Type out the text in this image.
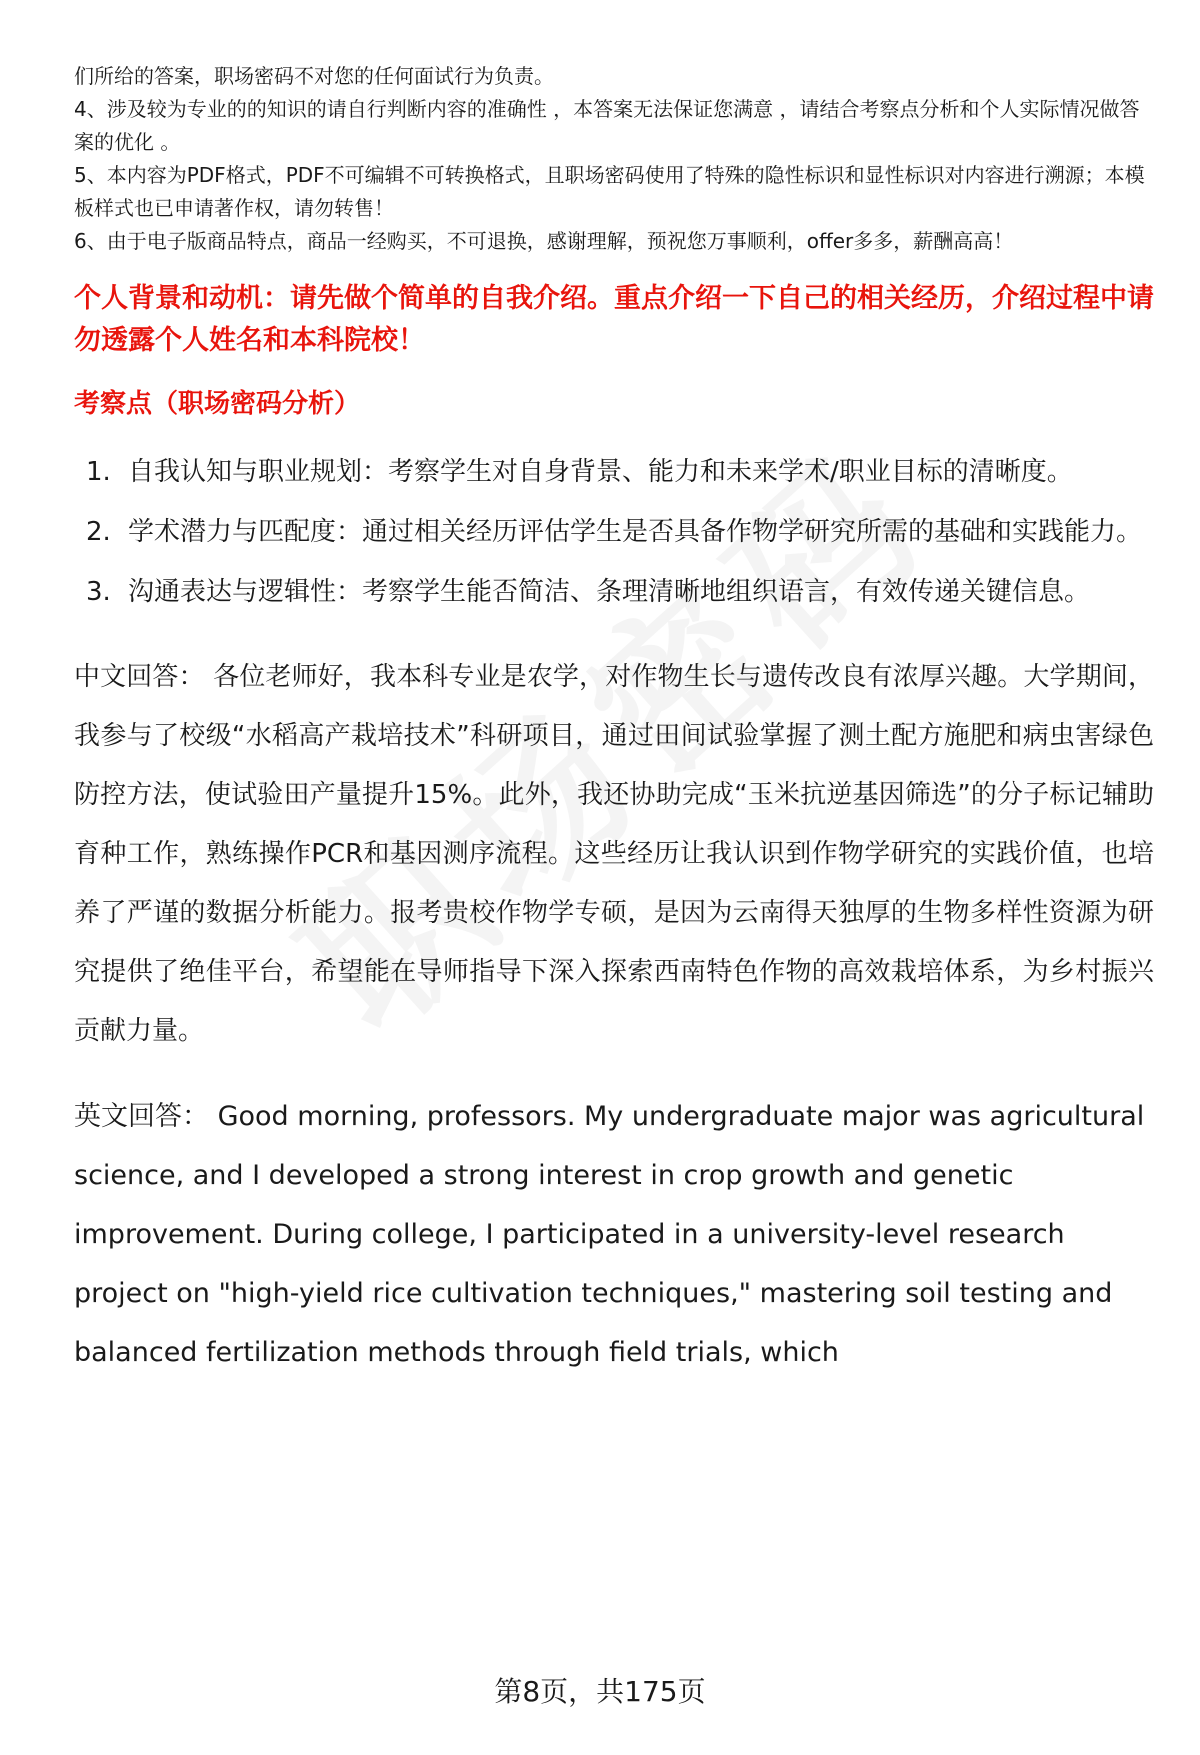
们所给的答案，职场密码不对您的任何面试行为负责。

4、涉及较为专业的的知识的请自行判断内容的准确性 ，本答案无法保证您满意 ，请结合考察点分析和个人实际情况做答案的优化 。

5、本内容为PDF格式，PDF不可编辑不可转换格式，且职场密码使用了特殊的隐性标识和显性标识对内容进行溯源；本模板样式也已申请著作权，请勿转售！

6、由于电子版商品特点，商品一经购买，不可退换，感谢理解，预祝您万事顺利，offer多多，薪酬高高！

个人背景和动机：请先做个简单的自我介绍。重点介绍一下自己的相关经历，介绍过程中请勿透露个人姓名和本科院校！

考察点（职场密码分析）

1. 自我认知与职业规划：考察学生对自身背景、能力和未来学术/职业目标的清晰度。
2. 学术潜力与匹配度：通过相关经历评估学生是否具备作物学研究所需的基础和实践能力。
3. 沟通表达与逻辑性：考察学生能否简洁、条理清晰地组织语言，有效传递关键信息。

中文回答： 各位老师好，我本科专业是农学，对作物生长与遗传改良有浓厚兴趣。大学期间，我参与了校级“水稻高产栽培技术”科研项目，通过田间试验掌握了测土配方施肥和病虫害绿色防控方法，使试验田产量提升15%。此外，我还协助完成“玉米抗逆基因筛选”的分子标记辅助育种工作，熟练操作PCR和基因测序流程。这些经历让我认识到作物学研究的实践价值，也培养了严谨的数据分析能力。报考贵校作物学专硕，是因为云南得天独厚的生物多样性资源为研究提供了绝佳平台，希望能在导师指导下深入探索西南特色作物的高效栽培体系，为乡村振兴贡献力量。

英文回答： Good morning, professors. My undergraduate major was agricultural science, and I developed a strong interest in crop growth and genetic improvement. During college, I participated in a university-level research project on "high-yield rice cultivation techniques," mastering soil testing and balanced fertilization methods through field trials, which

第8页，共175页
